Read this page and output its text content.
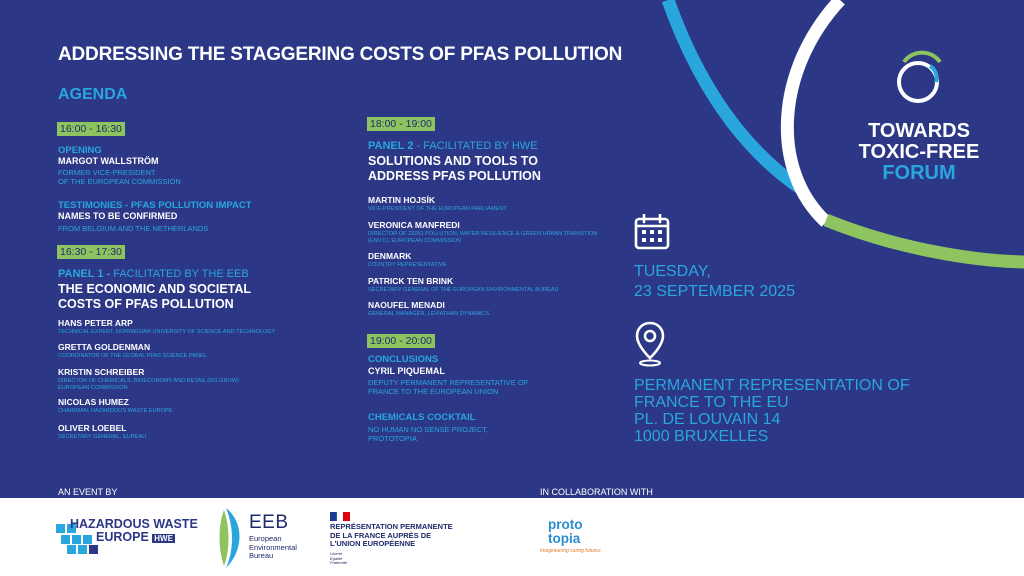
TOWARDS
TOXIC-FREE
FORUM
ADDRESSING THE STAGGERING COSTS OF PFAS POLLUTION
AGENDA
16:00 - 16:30
OPENING
MARGOT WALLSTRÖM
FORMER VICE-PRESIDENT
OF THE EUROPEAN COMMISSION
TESTIMONIES - PFAS POLLUTION IMPACT
NAMES TO BE CONFIRMED
FROM BELGIUM AND THE NETHERLANDS
16:30 - 17:30
PANEL 1 - FACILITATED BY THE EEB
THE ECONOMIC AND SOCIETAL
COSTS OF PFAS POLLUTION
HANS PETER ARP
TECHNICAL EXPERT, NORWEGIAN UNIVERSITY OF SCIENCE AND TECHNOLOGY
GRETTA GOLDENMAN
COORDINATOR OF THE GLOBAL PFAS SCIENCE PANEL
KRISTIN SCHREIBER
DIRECTOR OF CHEMICALS, BIOECONOMY AND RETAIL (DG GROW)
EUROPEAN COMMISSION
NICOLAS HUMEZ
CHAIRMAN, HAZARDOUS WASTE EUROPE
OLIVER LOEBEL
SECRETARY GENERAL, EUREAU
18:00 - 19:00
PANEL 2 - FACILITATED BY HWE
SOLUTIONS AND TOOLS TO
ADDRESS PFAS POLLUTION
MARTIN HOJSÍK
VICE-PRESIDENT OF THE EUROPEAN PARLIAMENT
VERONICA MANFREDI
DIRECTOR OF ZERO POLLUTION, WATER RESILIENCE & GREEN URBAN TRANSITION
(ENV.C), EUROPEAN COMMISSION
DENMARK
COUNTRY REPRESENTATIVE
PATRICK TEN BRINK
SECRETARY GENERAL OF THE EUROPEAN ENVIRONMENTAL BUREAU
NAOUFEL MENADI
GENERAL MANAGER, LEVIATHAN DYNAMICS
19:00 - 20:00
CONCLUSIONS
CYRIL PIQUEMAL
DEPUTY PERMANENT REPRESENTATIVE OF
FRANCE TO THE EUROPEAN UNION
CHEMICALS COCKTAIL
NO HUMAN NO SENSE PROJECT,
PROTOTOPIA
TUESDAY,
23 SEPTEMBER 2025
PERMANENT REPRESENTATION OF
FRANCE TO THE EU
PL. DE LOUVAIN 14
1000 BRUXELLES
AN EVENT BY	IN COLLABORATION WITH
HAZARDOUS WASTE
EUROPE HWE
EEB
European
Environmental
Bureau
REPRÉSENTATION PERMANENTE
DE LA FRANCE AUPRÈS DE
L'UNION EUROPÉENNE
Liberté
Égalité
Fraternité
proto
topia
Imagineering caring futures
